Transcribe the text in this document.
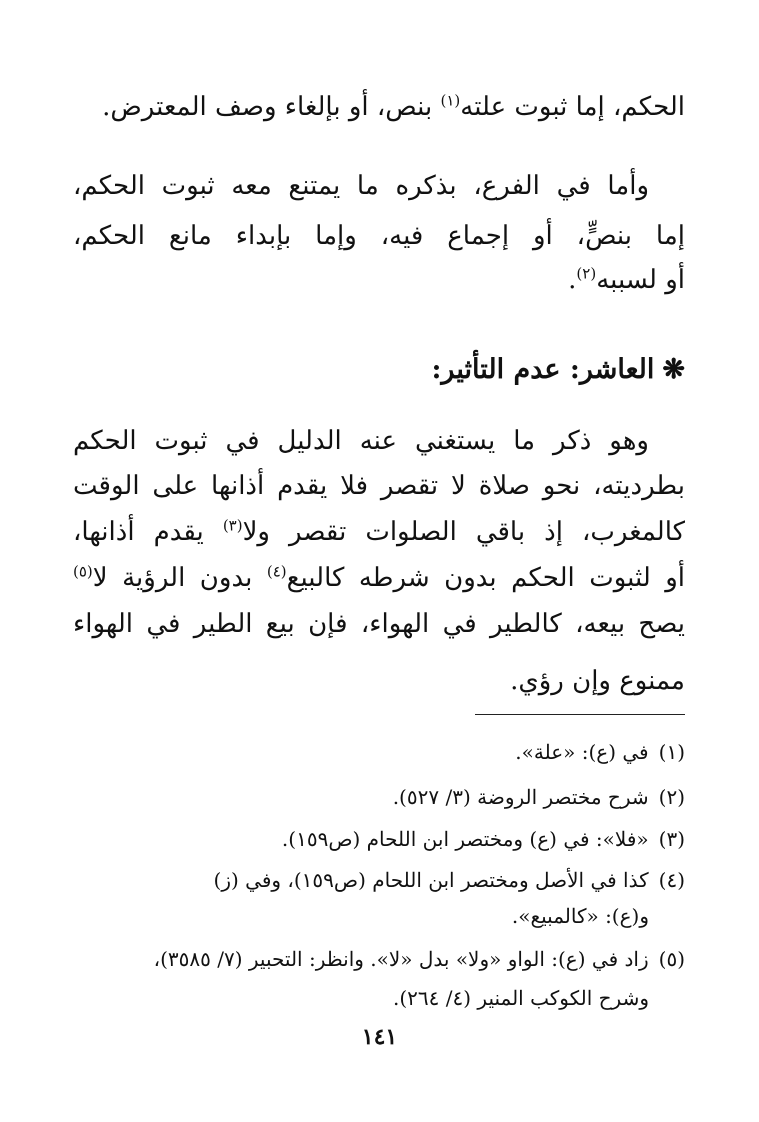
الحكم، إما ثبوت علته$^{(١)}$ بنص، أو بإلغاء وصف المعترض.
وأما في الفرع، بذكره ما يمتنع معه ثبوت الحكم،
إما بنصٍّ، أو إجماع فيه، وإما بإبداء مانع الحكم،
أو لسببه$^{(٢)}$.
❋العاشر: عدم التأثير:
وهو ذكر ما يستغني عنه الدليل في ثبوت الحكم
بطرديته، نحو صلاة لا تقصر فلا يقدم أذانها على الوقت
كالمغرب، إذ باقي الصلوات تقصر ولا$^{(٣)}$ يقدم أذانها،
أو لثبوت الحكم بدون شرطه كالبيع$^{(٤)}$ بدون الرؤية لا$^{(٥)}$
يصح بيعه، كالطير في الهواء، فإن بيع الطير في الهواء
ممنوع وإن رؤي.
(١)في (ع): «علة».
(٢)شرح مختصر الروضة (٣/ ٥٢٧).
(٣)«فلا»: في (ع) ومختصر ابن اللحام (ص١٥٩).
(٤)كذا في الأصل ومختصر ابن اللحام (ص١٥٩)، وفي (ز)
و(ع): «كالمبيع».
(٥)زاد في (ع): الواو «ولا» بدل «لا». وانظر: التحبير (٧/ ٣٥٨٥)،
وشرح الكوكب المنير (٤/ ٢٦٤).
١٤١
